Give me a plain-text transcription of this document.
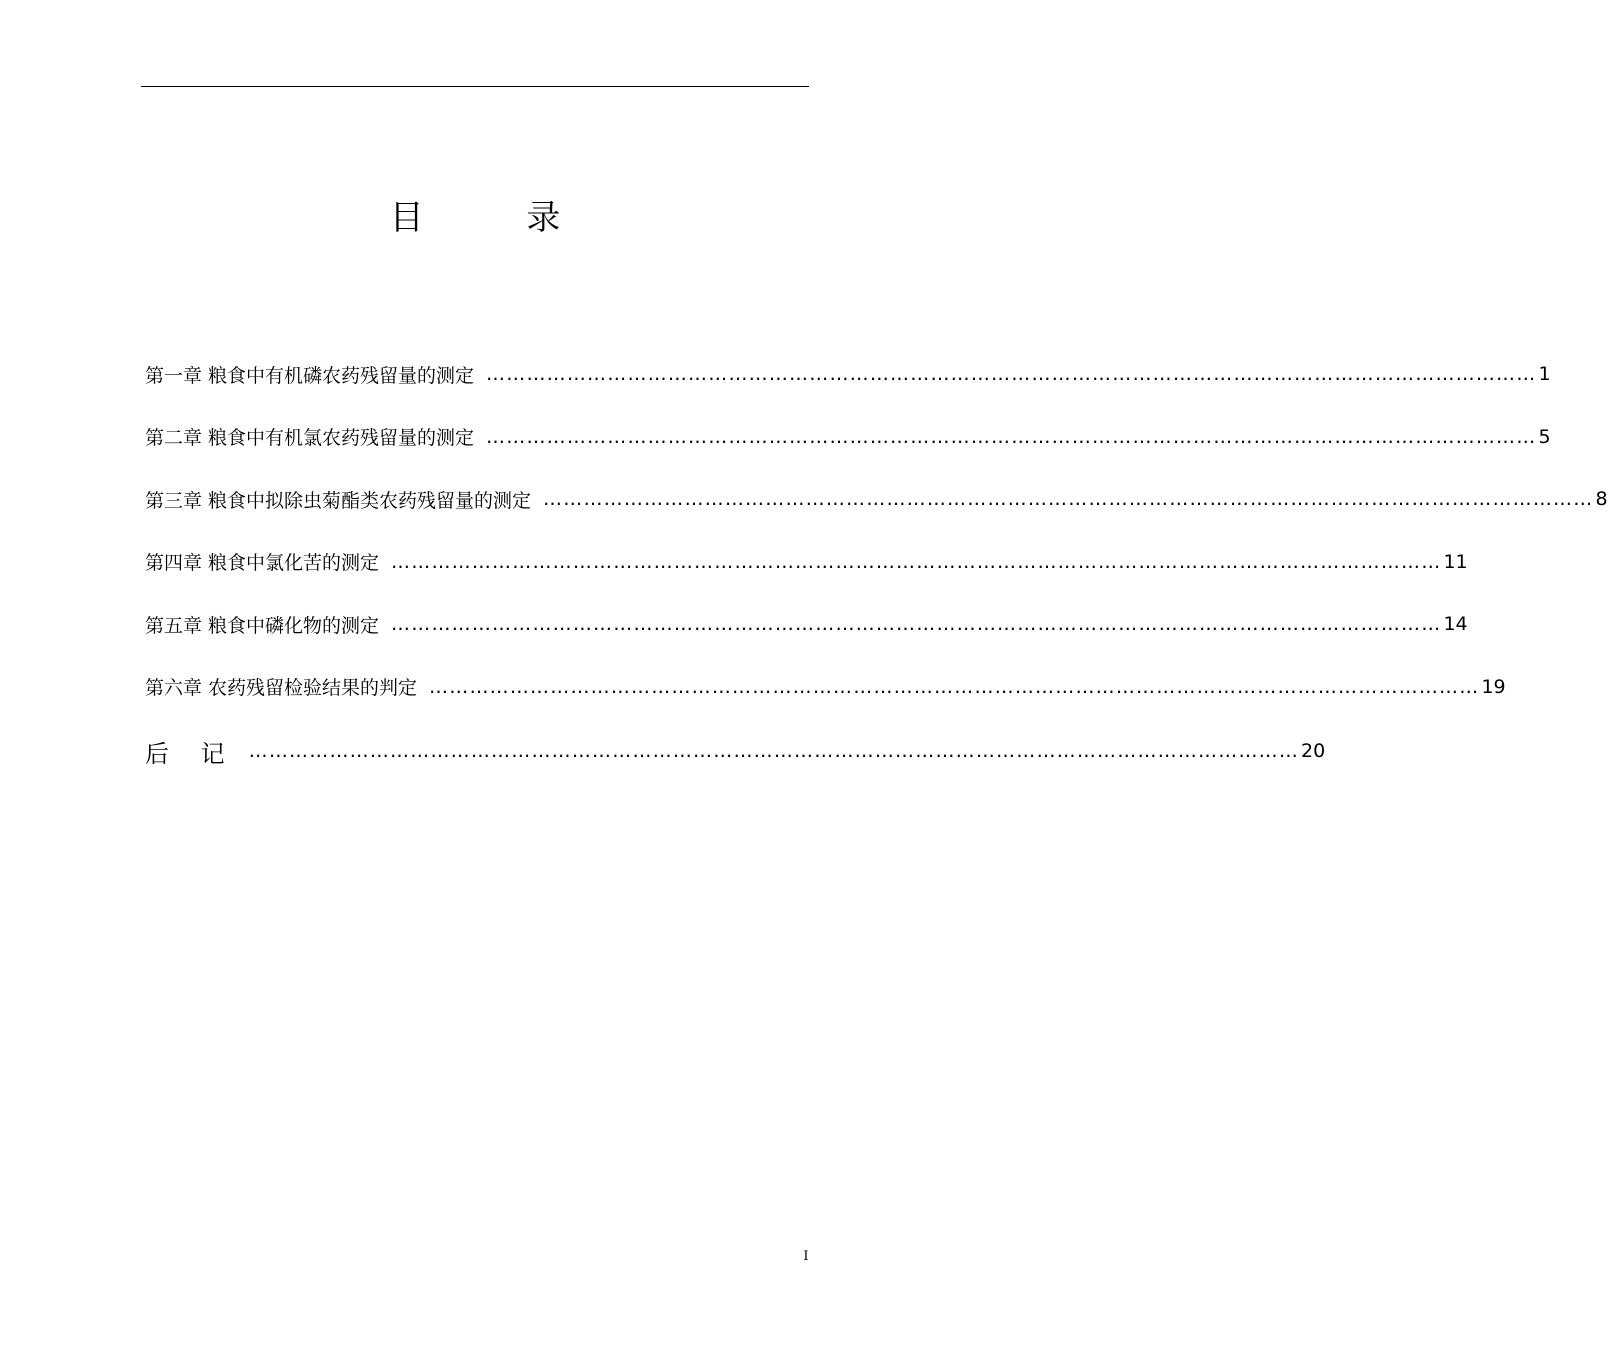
目 录
第一章 粮食中有机磷农药残留量的测定 ………………………………………………………………………………………………………………………………………… 1
第二章 粮食中有机氯农药残留量的测定 ………………………………………………………………………………………………………………………………………… 5
第三章 粮食中拟除虫菊酯类农药残留量的测定 ………………………………………………………………………………………………………………………………………… 8
第四章 粮食中氯化苦的测定 ………………………………………………………………………………………………………………………………………… 11
第五章 粮食中磷化物的测定 ………………………………………………………………………………………………………………………………………… 14
第六章 农药残留检验结果的判定 ………………………………………………………………………………………………………………………………………… 19
后 记 ………………………………………………………………………………………………………………………………………… 20
I
